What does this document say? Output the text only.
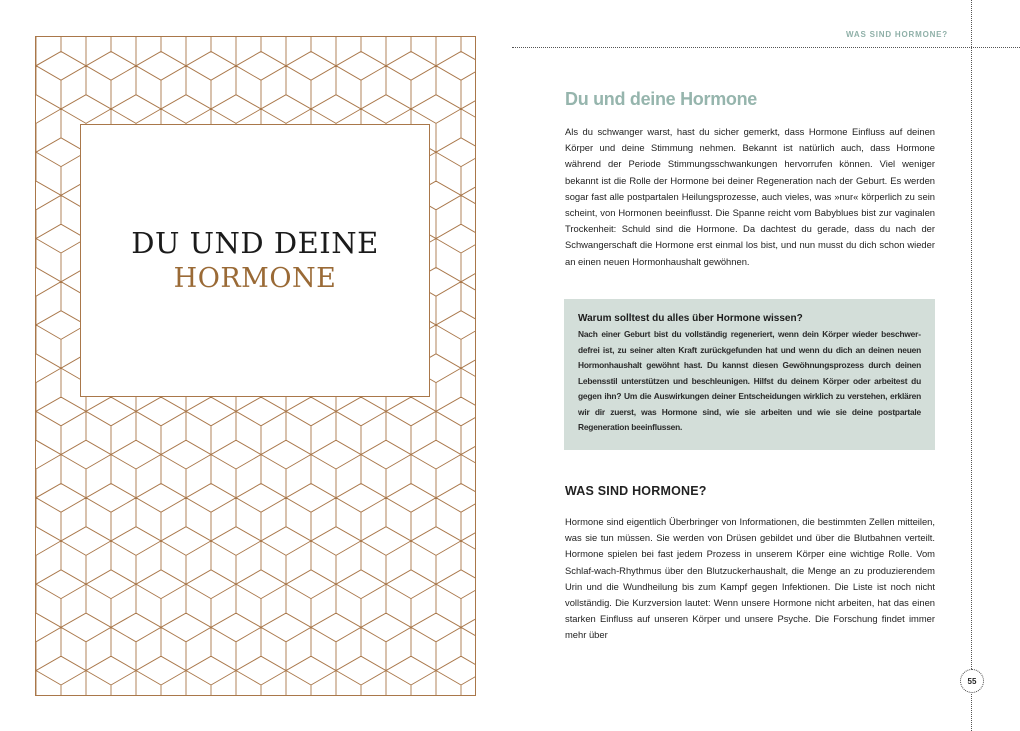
DU UND DEINE
HORMONE
WAS SIND HORMONE?
Du und deine Hormone

Als du schwanger warst, hast du sicher gemerkt, dass Hormone Einfluss auf deinen Körper und deine Stimmung nehmen. Bekannt ist natürlich auch, dass Hormone während der Periode Stimmungsschwankungen hervorrufen können. Viel weniger bekannt ist die Rolle der Hormone bei deiner Regeneration nach der Geburt. Es werden sogar fast alle postpartalen Heilungsprozesse, auch vieles, was »nur« körperlich zu sein scheint, von Hormonen beeinflusst. Die Spanne reicht vom Babyblues bist zur vaginalen Trockenheit: Schuld sind die Hormone. Da dachtest du gerade, dass du nach der Schwangerschaft die Hormone erst einmal los bist, und nun musst du dich schon wieder an einen neuen Hormonhaushalt gewöhnen.

Warum solltest du alles über Hormone wissen?

Nach einer Geburt bist du vollständig regeneriert, wenn dein Körper wieder beschwerdefrei ist, zu seiner alten Kraft zurückgefunden hat und wenn du dich an deinen neuen Hormonhaushalt gewöhnt hast. Du kannst diesen Gewöhnungsprozess durch deinen Lebensstil unterstützen und beschleunigen. Hilfst du deinem Körper oder arbeitest du gegen ihn? Um die Auswirkungen deiner Entscheidungen wirklich zu verstehen, erklären wir dir zuerst, was Hormone sind, wie sie arbeiten und wie sie deine postpartale Regeneration beeinflussen.

WAS SIND HORMONE?

Hormone sind eigentlich Überbringer von Informationen, die bestimmten Zellen mitteilen, was sie tun müssen. Sie werden von Drüsen gebildet und über die Blutbahnen verteilt. Hormone spielen bei fast jedem Prozess in unserem Körper eine wichtige Rolle. Vom Schlaf-wach-Rhythmus über den Blutzuckerhaushalt, die Menge an zu produzierendem Urin und die Wundheilung bis zum Kampf gegen Infektionen. Die Liste ist noch nicht vollständig. Die Kurzversion lautet: Wenn unsere Hormone nicht arbeiten, hat das einen starken Einfluss auf unseren Körper und unsere Psyche. Die Forschung findet immer mehr über

55
